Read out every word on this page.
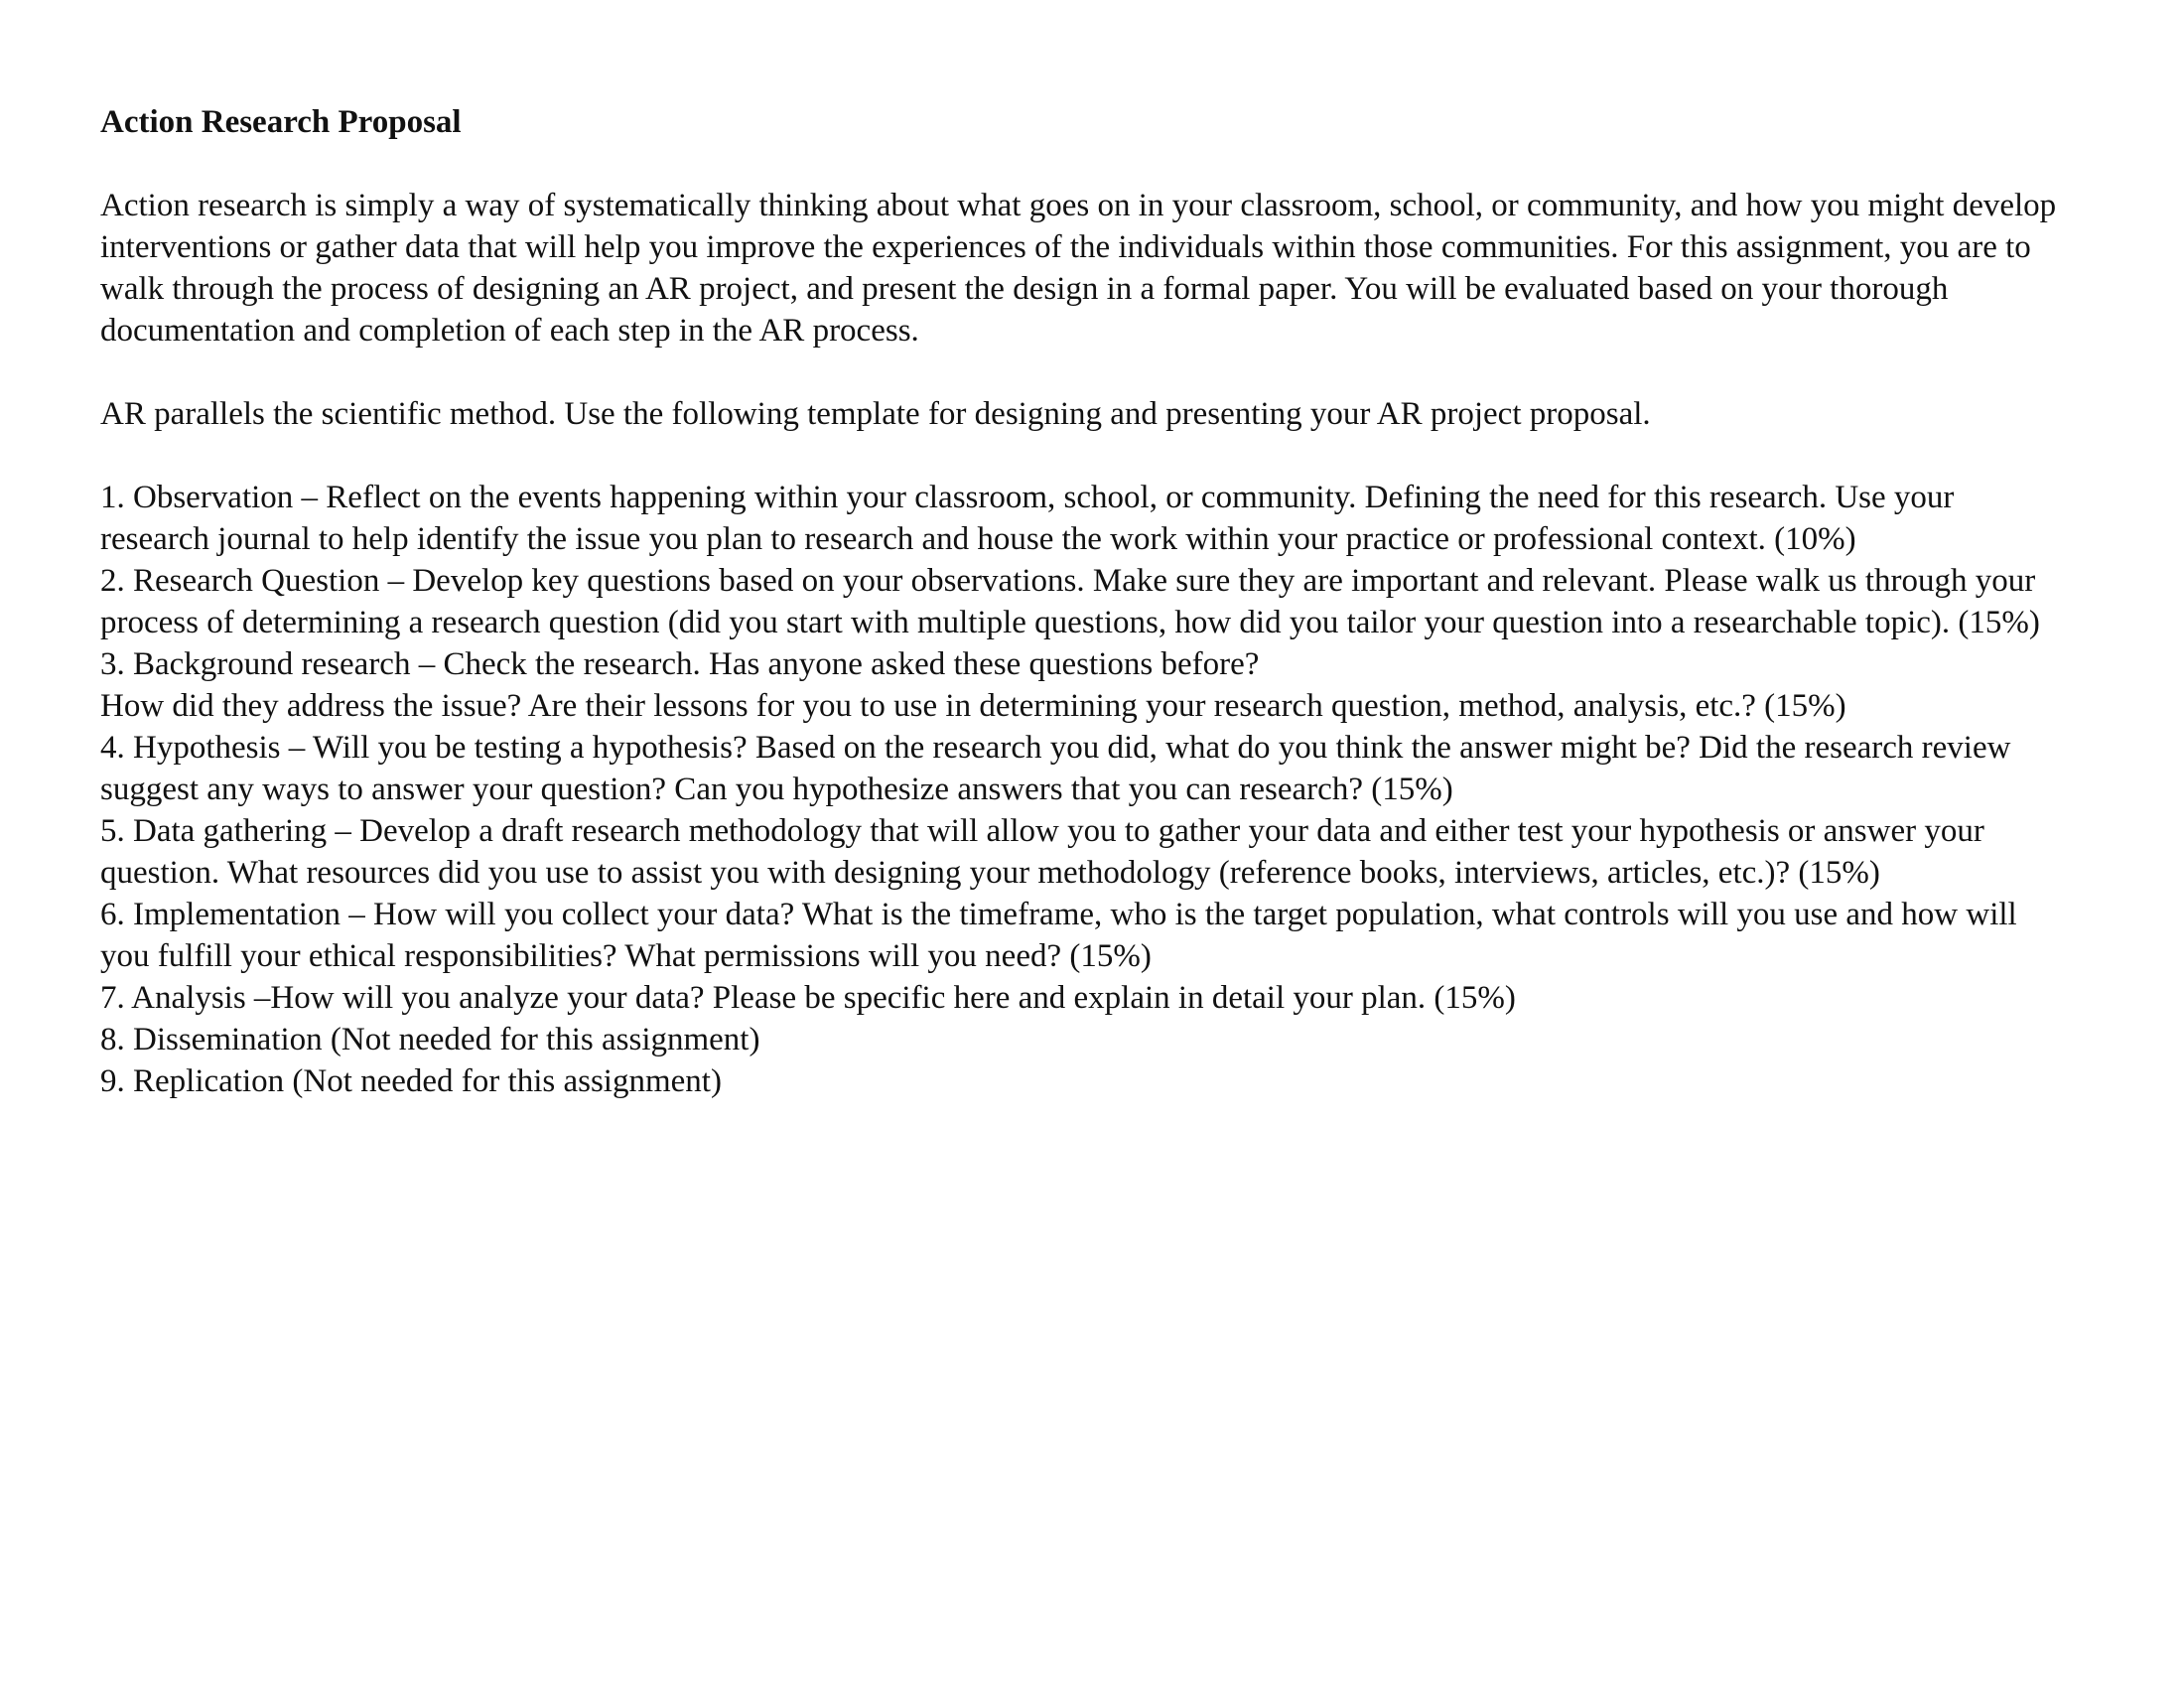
Action Research Proposal

Action research is simply a way of systematically thinking about what goes on in your classroom, school, or community, and how you might develop
interventions or gather data that will help you improve the experiences of the individuals within those communities. For this assignment, you are to
walk through the process of designing an AR project, and present the design in a formal paper. You will be evaluated based on your thorough
documentation and completion of each step in the AR process.

AR parallels the scientific method. Use the following template for designing and presenting your AR project proposal.

1. Observation – Reflect on the events happening within your classroom, school, or community. Defining the need for this research. Use your
research journal to help identify the issue you plan to research and house the work within your practice or professional context. (10%)
2. Research Question – Develop key questions based on your observations. Make sure they are important and relevant. Please walk us through your
process of determining a research question (did you start with multiple questions, how did you tailor your question into a researchable topic). (15%)
3. Background research – Check the research. Has anyone asked these questions before?
How did they address the issue? Are their lessons for you to use in determining your research question, method, analysis, etc.? (15%)
4. Hypothesis – Will you be testing a hypothesis? Based on the research you did, what do you think the answer might be? Did the research review
suggest any ways to answer your question? Can you hypothesize answers that you can research? (15%)
5. Data gathering – Develop a draft research methodology that will allow you to gather your data and either test your hypothesis or answer your
question. What resources did you use to assist you with designing your methodology (reference books, interviews, articles, etc.)? (15%)
6. Implementation – How will you collect your data? What is the timeframe, who is the target population, what controls will you use and how will
you fulfill your ethical responsibilities? What permissions will you need? (15%)
7. Analysis –How will you analyze your data? Please be specific here and explain in detail your plan. (15%)
8. Dissemination (Not needed for this assignment)
9. Replication (Not needed for this assignment)
